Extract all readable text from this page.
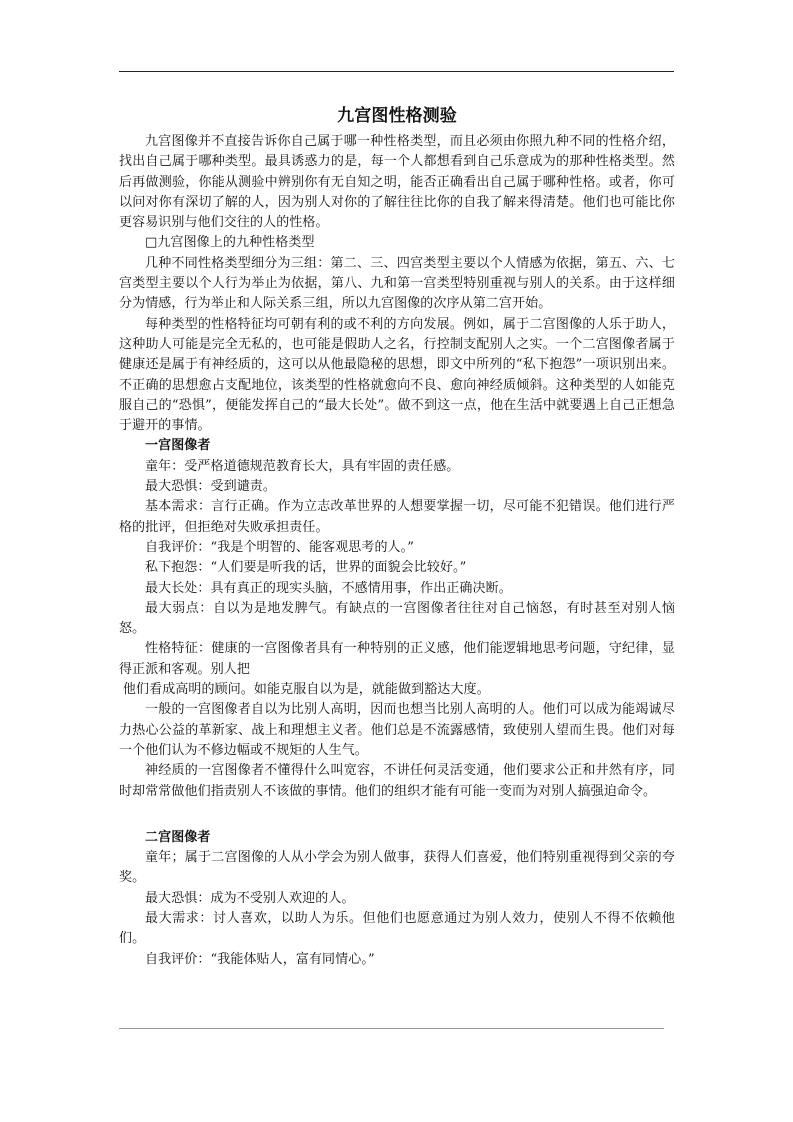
九宫图性格测验

九宫图像并不直接告诉你自己属于哪一种性格类型，而且必须由你照九种不同的性格介绍，找出自己属于哪种类型。最具诱惑力的是，每一个人都想看到自己乐意成为的那种性格类型。然后再做测验，你能从测验中辨别你有无自知之明，能否正确看出自己属于哪种性格。或者，你可以问对你有深切了解的人，因为别人对你的了解往往比你的自我了解来得清楚。他们也可能比你更容易识别与他们交往的人的性格。

□九宫图像上的九种性格类型

几种不同性格类型细分为三组：第二、三、四宫类型主要以个人情感为依据，第五、六、七宫类型主要以个人行为举止为依据，第八、九和第一宫类型特别重视与别人的关系。由于这样细分为情感，行为举止和人际关系三组，所以九宫图像的次序从第二宫开始。

每种类型的性格特征均可朝有利的或不利的方向发展。例如，属于二宫图像的人乐于助人，这种助人可能是完全无私的，也可能是假助人之名，行控制支配别人之实。一个二宫图像者属于健康还是属于有神经质的，这可以从他最隐秘的思想，即文中所列的“私下抱怨”一项识别出来。不正确的思想愈占支配地位，该类型的性格就愈向不良、愈向神经质倾斜。这种类型的人如能克服自己的“恐惧”，便能发挥自己的“最大长处”。做不到这一点，他在生活中就要遇上自己正想急于避开的事情。

一宫图像者

童年：受严格道德规范教育长大，具有牢固的责任感。

最大恐惧：受到谴责。

基本需求：言行正确。作为立志改革世界的人想要掌握一切，尽可能不犯错误。他们进行严格的批评，但拒绝对失败承担责任。

自我评价：“我是个明智的、能客观思考的人。”

私下抱怨：“人们要是听我的话，世界的面貌会比较好。”

最大长处：具有真正的现实头脑，不感情用事，作出正确决断。

最大弱点：自以为是地发脾气。有缺点的一宫图像者往往对自己恼怒，有时甚至对别人恼怒。

性格特征：健康的一宫图像者具有一种特别的正义感，他们能逻辑地思考问题，守纪律，显得正派和客观。别人把

他们看成高明的顾问。如能克服自以为是，就能做到豁达大度。

一般的一宫图像者自以为比别人高明，因而也想当比别人高明的人。他们可以成为能竭诚尽力热心公益的革新家、战上和理想主义者。他们总是不流露感情，致使别人望而生畏。他们对每一个他们认为不修边幅或不规矩的人生气。

神经质的一宫图像者不懂得什么叫宽容，不讲任何灵活变通，他们要求公正和井然有序，同时却常常做他们指责别人不该做的事情。他们的组织才能有可能一变而为对别人搞强迫命令。

二宫图像者

童年；属于二宫图像的人从小学会为别人做事，获得人们喜爱，他们特别重视得到父亲的夸奖。

最大恐惧：成为不受别人欢迎的人。

最大需求：讨人喜欢，以助人为乐。但他们也愿意通过为别人效力，使别人不得不依赖他们。

自我评价：“我能体贴人，富有同情心。”
